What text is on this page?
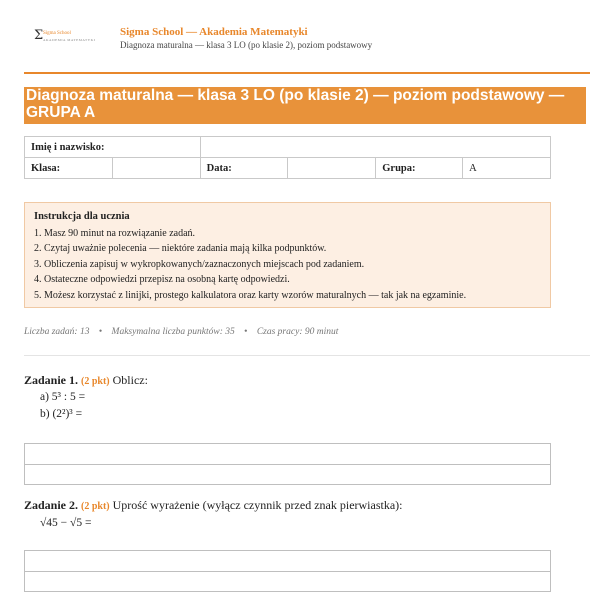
Σ Sigma School
AKADEMIA MATEMATYKI
Sigma School — Akademia Matematyki
Diagnoza maturalna — klasa 3 LO (po klasie 2), poziom podstawowy
Diagnoza maturalna — klasa 3 LO (po klasie 2) — poziom podstawowy — GRUPA A
Imię i nazwisko:					
Klasa:		Data:		Grupa:	A
Instrukcja dla ucznia
1. Masz 90 minut na rozwiązanie zadań.
2. Czytaj uważnie polecenia — niektóre zadania mają kilka podpunktów.
3. Obliczenia zapisuj w wykropkowanych/zaznaczonych miejscach pod zadaniem.
4. Ostateczne odpowiedzi przepisz na osobną kartę odpowiedzi.
5. Możesz korzystać z linijki, prostego kalkulatora oraz karty wzorów maturalnych — tak jak na egzaminie.
Liczba zadań: 13 • Maksymalna liczba punktów: 35 • Czas pracy: 90 minut
Zadanie 1. (2 pkt) Oblicz:
a) 5³ : 5 =
b) (2²)³ =
Zadanie 2. (2 pkt) Uprość wyrażenie (wyłącz czynnik przed znak pierwiastka):
√45 − √5 =
